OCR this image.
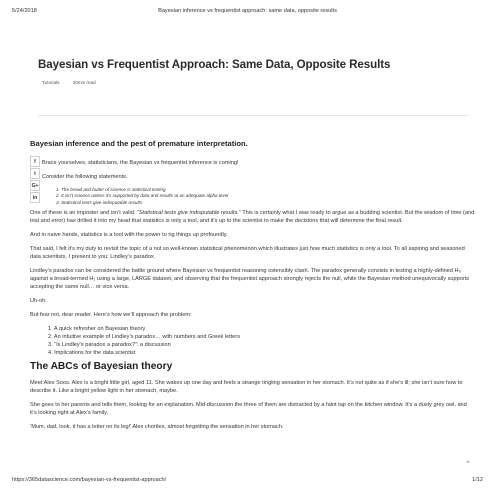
5/24/2018	Bayesian inference vs frequentist approach: same data, opposite results
Bayesian vs Frequentist Approach: Same Data, Opposite Results
Tutorials	20min read
Bayesian inference and the pest of premature interpretation.

Brace yourselves, statisticians, the Bayesian vs frequentist inference is coming!

Consider the following statements.

1. The bread and butter of science is statistical testing
2. It isn’t science unless it’s supported by data and results at an adequate alpha level
3. Statistical tests give indisputable results

One of these is an imposter and isn’t valid. “Statistical tests give indisputable results.” This is certainly what I was ready to argue as a budding scientist. But the wisdom of time (and trial and error) has drilled it into my head that statistics is only a tool, and it’s up to the scientist to make the decisions that will determine the final result.

And in naive hands, statistics is a tool with the power to rig things up profoundly.

That said, I felt it’s my duty to revisit the topic of a not so well-known statistical phenomenon which illustrates just how much statistics is only a tool. To all aspiring and seasoned data scientists, I present to you: Lindley’s paradox.

Lindley’s paradox can be considered the battle ground where Bayesian vs frequentist reasoning ostensibly clash. The paradox generally consists in testing a highly-defined H₀ against a broad-termed H₁ using a large, LARGE dataset, and observing that the frequentist approach strongly rejects the null, while the Bayesian method unequivocally supports accepting the same null… or vice versa.

Uh-oh.

But fear not, dear reader. Here’s how we’ll approach the problem:

1. A quick refresher on Bayesian theory
2. An intuitive example of Lindley’s paradox… with numbers and Greek letters
3. “Is Lindley’s paradox a paradox?”: a discussion
4. Implications for the data scientist
The ABCs of Bayesian theory

Meet Alex Soos. Alex is a bright little girl, aged 11. She wakes up one day and feels a strange tingling sensation in her stomach. It’s not quite as if she’s ill; she isn’t sure how to describe it. Like a bright yellow light in her stomach, maybe.

She goes to her parents and tells them, looking for an explanation. Mid-discussion the three of them are distracted by a faint tap on the kitchen window. It’s a dusty grey owl, and it’s looking right at Alex’s family.

‘Mum, dad, look, it has a letter on its leg!’ Alex chortles, almost forgetting the sensation in her stomach.

f
t
G+
in
⌃
https://365datascience.com/bayesian-vs-frequentist-approach/	1/12
